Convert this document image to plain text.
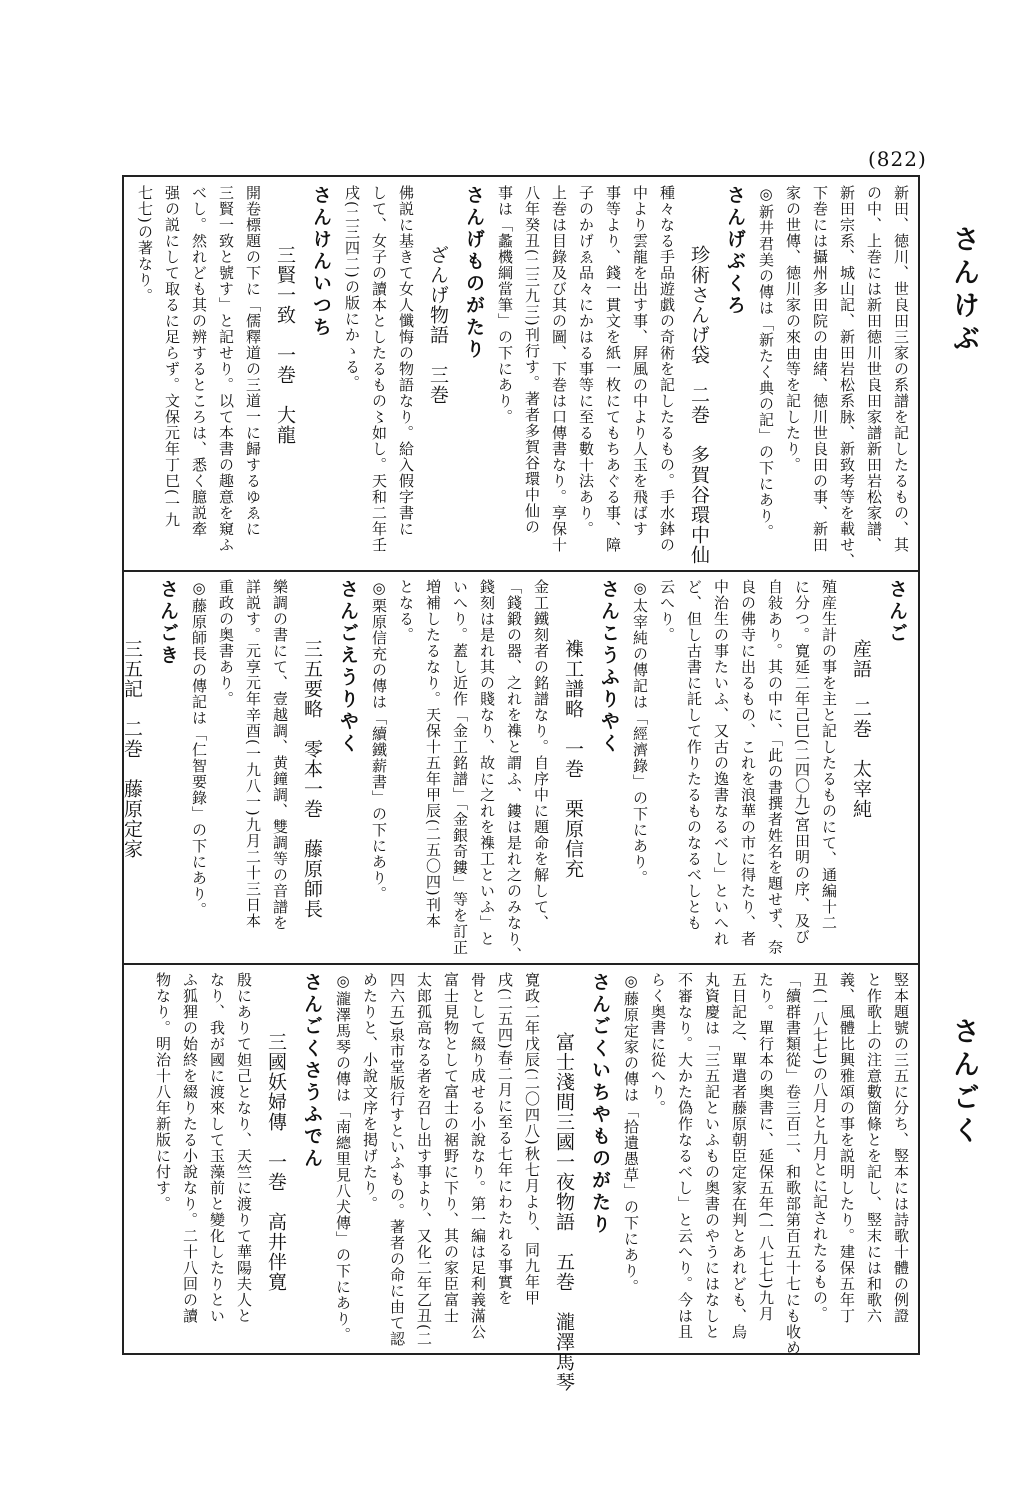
(822)
さんけぶ
さんごく
新田、徳川、世良田三家の系譜を記したるもの、其
の中、上巻には新田徳川世良田家譜新田岩松家譜、
新田宗系、城山記、新田岩松系脉、新致考等を載せ、
下巻には攝州多田院の由緒、徳川世良田の事、新田
家の世傳、徳川家の來由等を記したり。
◎新井君美の傳は「新たく典の記」の下にあり。
さんげぶくろ
珍術さんげ袋　二巻　多賀谷環中仙
種々なる手品遊戯の奇術を記したるもの。手水鉢の
中より雲龍を出す事、屛風の中より人玉を飛ばす
事等より、錢一貫文を紙一枚にてもちあぐる事、障
子のかげゑ品々にかはる事等に至る數十法あり。
上巻は目錄及び其の圖、下巻は口傳書なり。享保十
八年癸丑(二三九三)刊行す。著者多賀谷環中仙の
事は「蠡機綱當筆」の下にあり。
さんげものがたり
ざんげ物語　三巻
佛説に基きて女人懺悔の物語なり。給入假字書に
して、女子の讀本としたるもの〻如し。天和二年壬
戌(二三四二)の版にかゝる。
さんけんいつち
三賢一致　一巻　大龍
開卷標題の下に「儒釋道の三道一に歸するゆゑに
三賢一致と號す」と記せり。以て本書の趣意を窺ふ
べし。然れども其の辨するところは、悉く臆説牽
强の説にして取るに足らず。文保元年丁巳(一九
七七)の著なり。
さんご
産語　二巻　太宰純
殖産生計の事を主と記したるものにて、通編十二
に分つ。寛延二年己巳(二四〇九)宮田明の序、及び
自敍あり。其の中に、「此の書撰者姓名を題せず、奈
良の佛寺に出るもの、これを浪華の市に得たり、者
中治生の事たいふ、又古の逸書なるべし」といへれ
ど、但し古書に託して作りたるものなるべしとも
云へり。
◎太宰純の傳記は「經濟錄」の下にあり。
さんこうふりやく
襍工譜略　一巻　栗原信充
金工鐵刻者の銘譜なり。自序中に題命を解して、
「錢鍛の器、之れを襍と謂ふ、鏤は是れ之のみなり、
錢刻は是れ其の賤なり、故に之れを襍工といふ」と
いへり。蓋し近作「金工銘譜」「金銀奇鏤」等を訂正
増補したるなり。天保十五年甲辰(二五〇四)刊本
となる。
◎栗原信充の傳は「續鐵薪書」の下にあり。
さんごえうりやく
三五要略　零本一巻　藤原師長
樂調の書にて、壹越調、黄鐘調、雙調等の音譜を
詳説す。元享元年辛酉(一九八一)九月二十三日本
重政の奥書あり。
◎藤原師長の傳記は「仁智要錄」の下にあり。
さんごき
三五記　二巻　藤原定家
竪本題號の三五に分ち、竪本には詩歌十體の例證
と作歌上の注意數箇條とを記し、竪末には和歌六
義、風體比興雅頌の事を説明したり。建保五年丁
丑(一八七七)の八月と九月とに記されたるもの。
「續群書類從」卷三百二、和歌部第百五十七にも收め
たり。單行本の奥書に、延保五年(一八七七)九月
五日記之、單遣者藤原朝臣定家在判とあれども、烏
丸資慶は「三五記といふもの奥書のやうにはなしと
不審なり。大かた偽作なるべし」と云へり。今は且
らく奥書に從へり。
◎藤原定家の傳は「拾遺愚草」の下にあり。
さんごくいちやものがたり
富士淺間三國一夜物語　五巻　瀧澤馬琴
寛政二年戊辰(二〇四八)秋七月より、同九年甲
戌(二五四)春二月に至る七年にわたれる事實を
骨として綴り成せる小說なり。第一編は足利義滿公
富士見物として富士の裾野に下り、其の家臣富士
太郎孤高なる者を召し出す事より、又化二年乙丑(二
四六五)泉市堂版行すといふもの。著者の命に由て認
めたりと、小說文序を掲げたり。
◎瀧澤馬琴の傳は「南總里見八犬傳」の下にあり。
さんごくさうふでん
三國妖婦傳　一巻　高井伴寛
殷にありて妲己となり、天竺に渡りて華陽夫人と
なり、我が國に渡來して玉藻前と變化したりとい
ふ狐狸の始終を綴りたる小說なり。二十八回の讀
物なり。明治十八年新版に付す。
